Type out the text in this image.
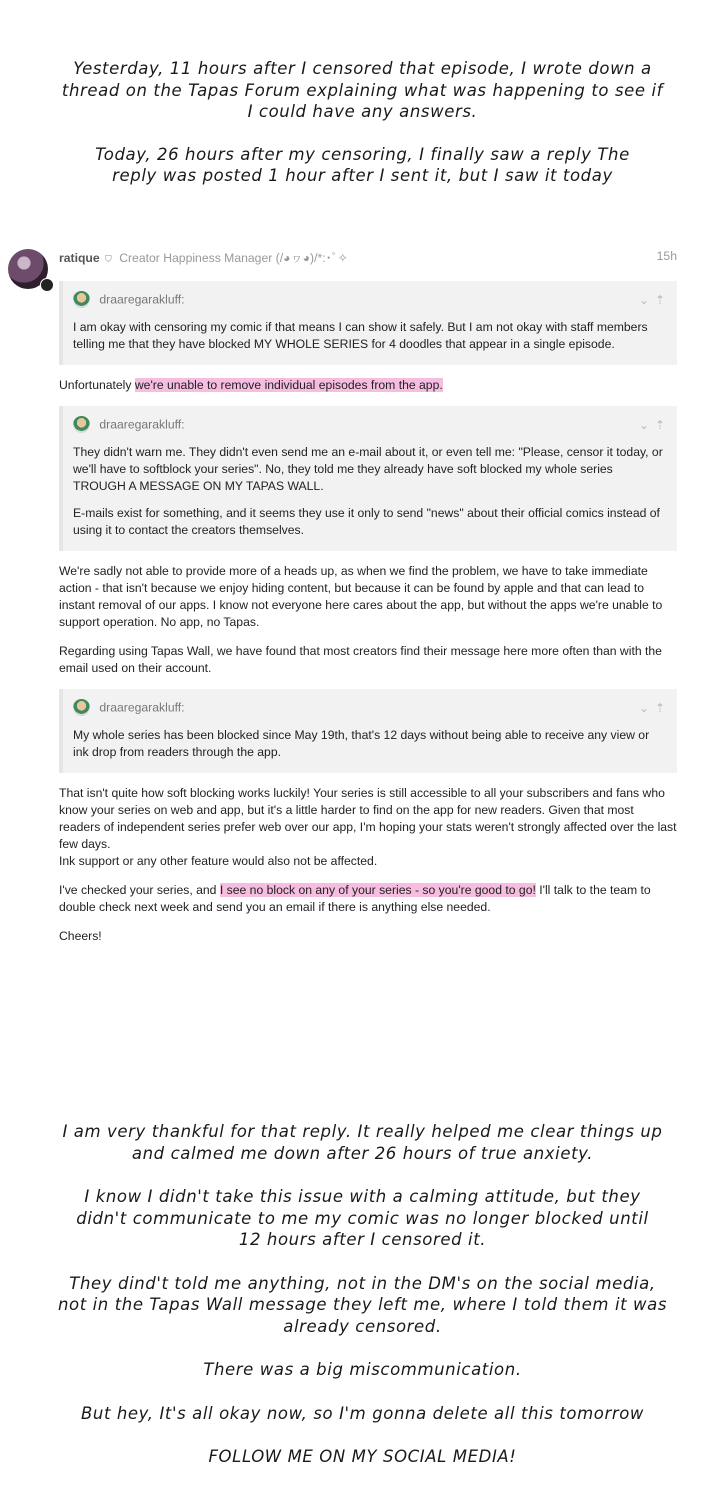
Yesterday, 11 hours after I censored that episode, I wrote down a thread on the Tapas Forum explaining what was happening to see if I could have any answers.

Today, 26 hours after my censoring, I finally saw a reply The reply was posted 1 hour after I sent it, but I saw it today

ratique ⛉ Creator Happiness Manager (/◕ヮ◕)/*:･ﾟ✧	15h
draaregarakluff:	⌄ ⇡

I am okay with censoring my comic if that means I can show it safely. But I am not okay with staff members telling me that they have blocked MY WHOLE SERIES for 4 doodles that appear in a single episode.

Unfortunately we're unable to remove individual episodes from the app.

draaregarakluff:	⌄ ⇡

They didn't warn me. They didn't even send me an e-mail about it, or even tell me: "Please, censor it today, or we'll have to softblock your series". No, they told me they already have soft blocked my whole series TROUGH A MESSAGE ON MY TAPAS WALL.

E-mails exist for something, and it seems they use it only to send "news" about their official comics instead of using it to contact the creators themselves.

We're sadly not able to provide more of a heads up, as when we find the problem, we have to take immediate action - that isn't because we enjoy hiding content, but because it can be found by apple and that can lead to instant removal of our apps. I know not everyone here cares about the app, but without the apps we're unable to support operation. No app, no Tapas.

Regarding using Tapas Wall, we have found that most creators find their message here more often than with the email used on their account.

draaregarakluff:	⌄ ⇡

My whole series has been blocked since May 19th, that's 12 days without being able to receive any view or ink drop from readers through the app.

That isn't quite how soft blocking works luckily! Your series is still accessible to all your subscribers and fans who know your series on web and app, but it's a little harder to find on the app for new readers. Given that most readers of independent series prefer web over our app, I'm hoping your stats weren't strongly affected over the last few days.

Ink support or any other feature would also not be affected.

I've checked your series, and I see no block on any of your series - so you're good to go! I'll talk to the team to double check next week and send you an email if there is anything else needed.

Cheers!

I am very thankful for that reply. It really helped me clear things up and calmed me down after 26 hours of true anxiety.

I know I didn't take this issue with a calming attitude, but they didn't communicate to me my comic was no longer blocked until 12 hours after I censored it.

They dind't told me anything, not in the DM's on the social media, not in the Tapas Wall message they left me, where I told them it was already censored.

There was a big miscommunication.

But hey, It's all okay now, so I'm gonna delete all this tomorrow

FOLLOW ME ON MY SOCIAL MEDIA!
